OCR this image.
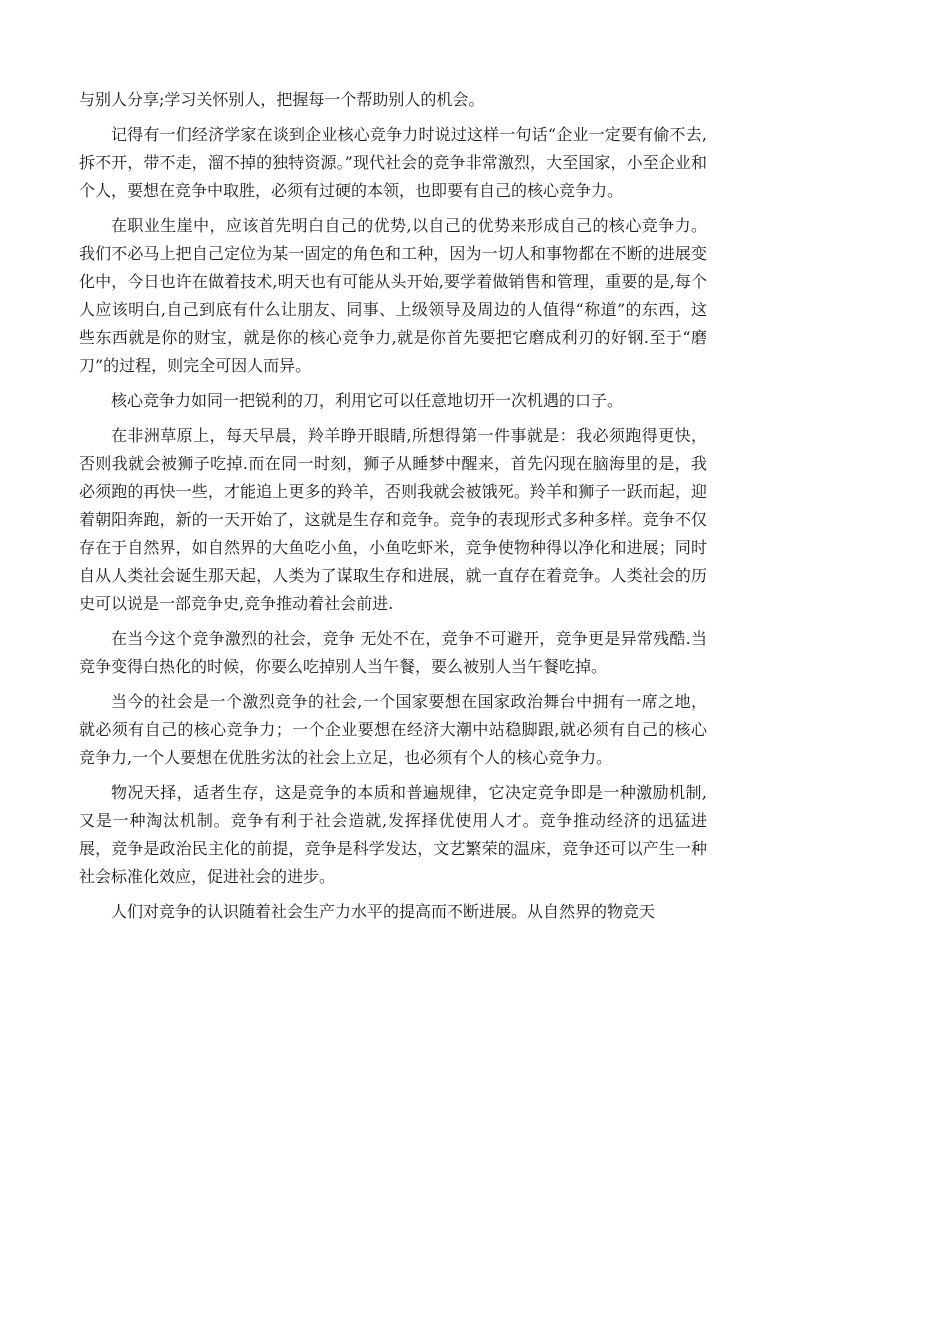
与别人分享;学习关怀别人，把握每一个帮助别人的机会。

记得有一们经济学家在谈到企业核心竞争力时说过这样一句话“企业一定要有偷不去,拆不开，带不走，溜不掉的独特资源。”现代社会的竞争非常激烈，大至国家，小至企业和个人，要想在竞争中取胜，必须有过硬的本领，也即要有自己的核心竞争力。

在职业生崖中，应该首先明白自己的优势,以自己的优势来形成自己的核心竞争力。我们不必马上把自己定位为某一固定的角色和工种，因为一切人和事物都在不断的进展变化中，今日也许在做着技术,明天也有可能从头开始,要学着做销售和管理，重要的是,每个人应该明白,自己到底有什么让朋友、同事、上级领导及周边的人值得“称道”的东西，这些东西就是你的财宝，就是你的核心竞争力,就是你首先要把它磨成利刃的好钢.至于“磨刀”的过程，则完全可因人而异。

核心竞争力如同一把锐利的刀，利用它可以任意地切开一次机遇的口子。

在非洲草原上，每天早晨，羚羊睁开眼睛,所想得第一件事就是：我必须跑得更快，否则我就会被狮子吃掉.而在同一时刻，狮子从睡梦中醒来，首先闪现在脑海里的是，我必须跑的再快一些，才能追上更多的羚羊，否则我就会被饿死。羚羊和狮子一跃而起，迎着朝阳奔跑，新的一天开始了，这就是生存和竞争。竞争的表现形式多种多样。竞争不仅存在于自然界，如自然界的大鱼吃小鱼，小鱼吃虾米，竞争使物种得以净化和进展；同时自从人类社会诞生那天起，人类为了谋取生存和进展，就一直存在着竞争。人类社会的历史可以说是一部竞争史,竞争推动着社会前进.

在当今这个竞争激烈的社会，竞争 无处不在，竞争不可避开，竞争更是异常残酷.当竞争变得白热化的时候，你要么吃掉别人当午餐，要么被别人当午餐吃掉。

当今的社会是一个激烈竞争的社会,一个国家要想在国家政治舞台中拥有一席之地，就必须有自己的核心竞争力；一个企业要想在经济大潮中站稳脚跟,就必须有自己的核心竞争力,一个人要想在优胜劣汰的社会上立足，也必须有个人的核心竞争力。

物况天择，适者生存，这是竞争的本质和普遍规律，它决定竞争即是一种激励机制,又是一种淘汰机制。竞争有利于社会造就,发挥择优使用人才。竞争推动经济的迅猛进展，竞争是政治民主化的前提，竞争是科学发达，文艺繁荣的温床，竞争还可以产生一种社会标准化效应，促进社会的进步。

人们对竞争的认识随着社会生产力水平的提高而不断进展。从自然界的物竞天
